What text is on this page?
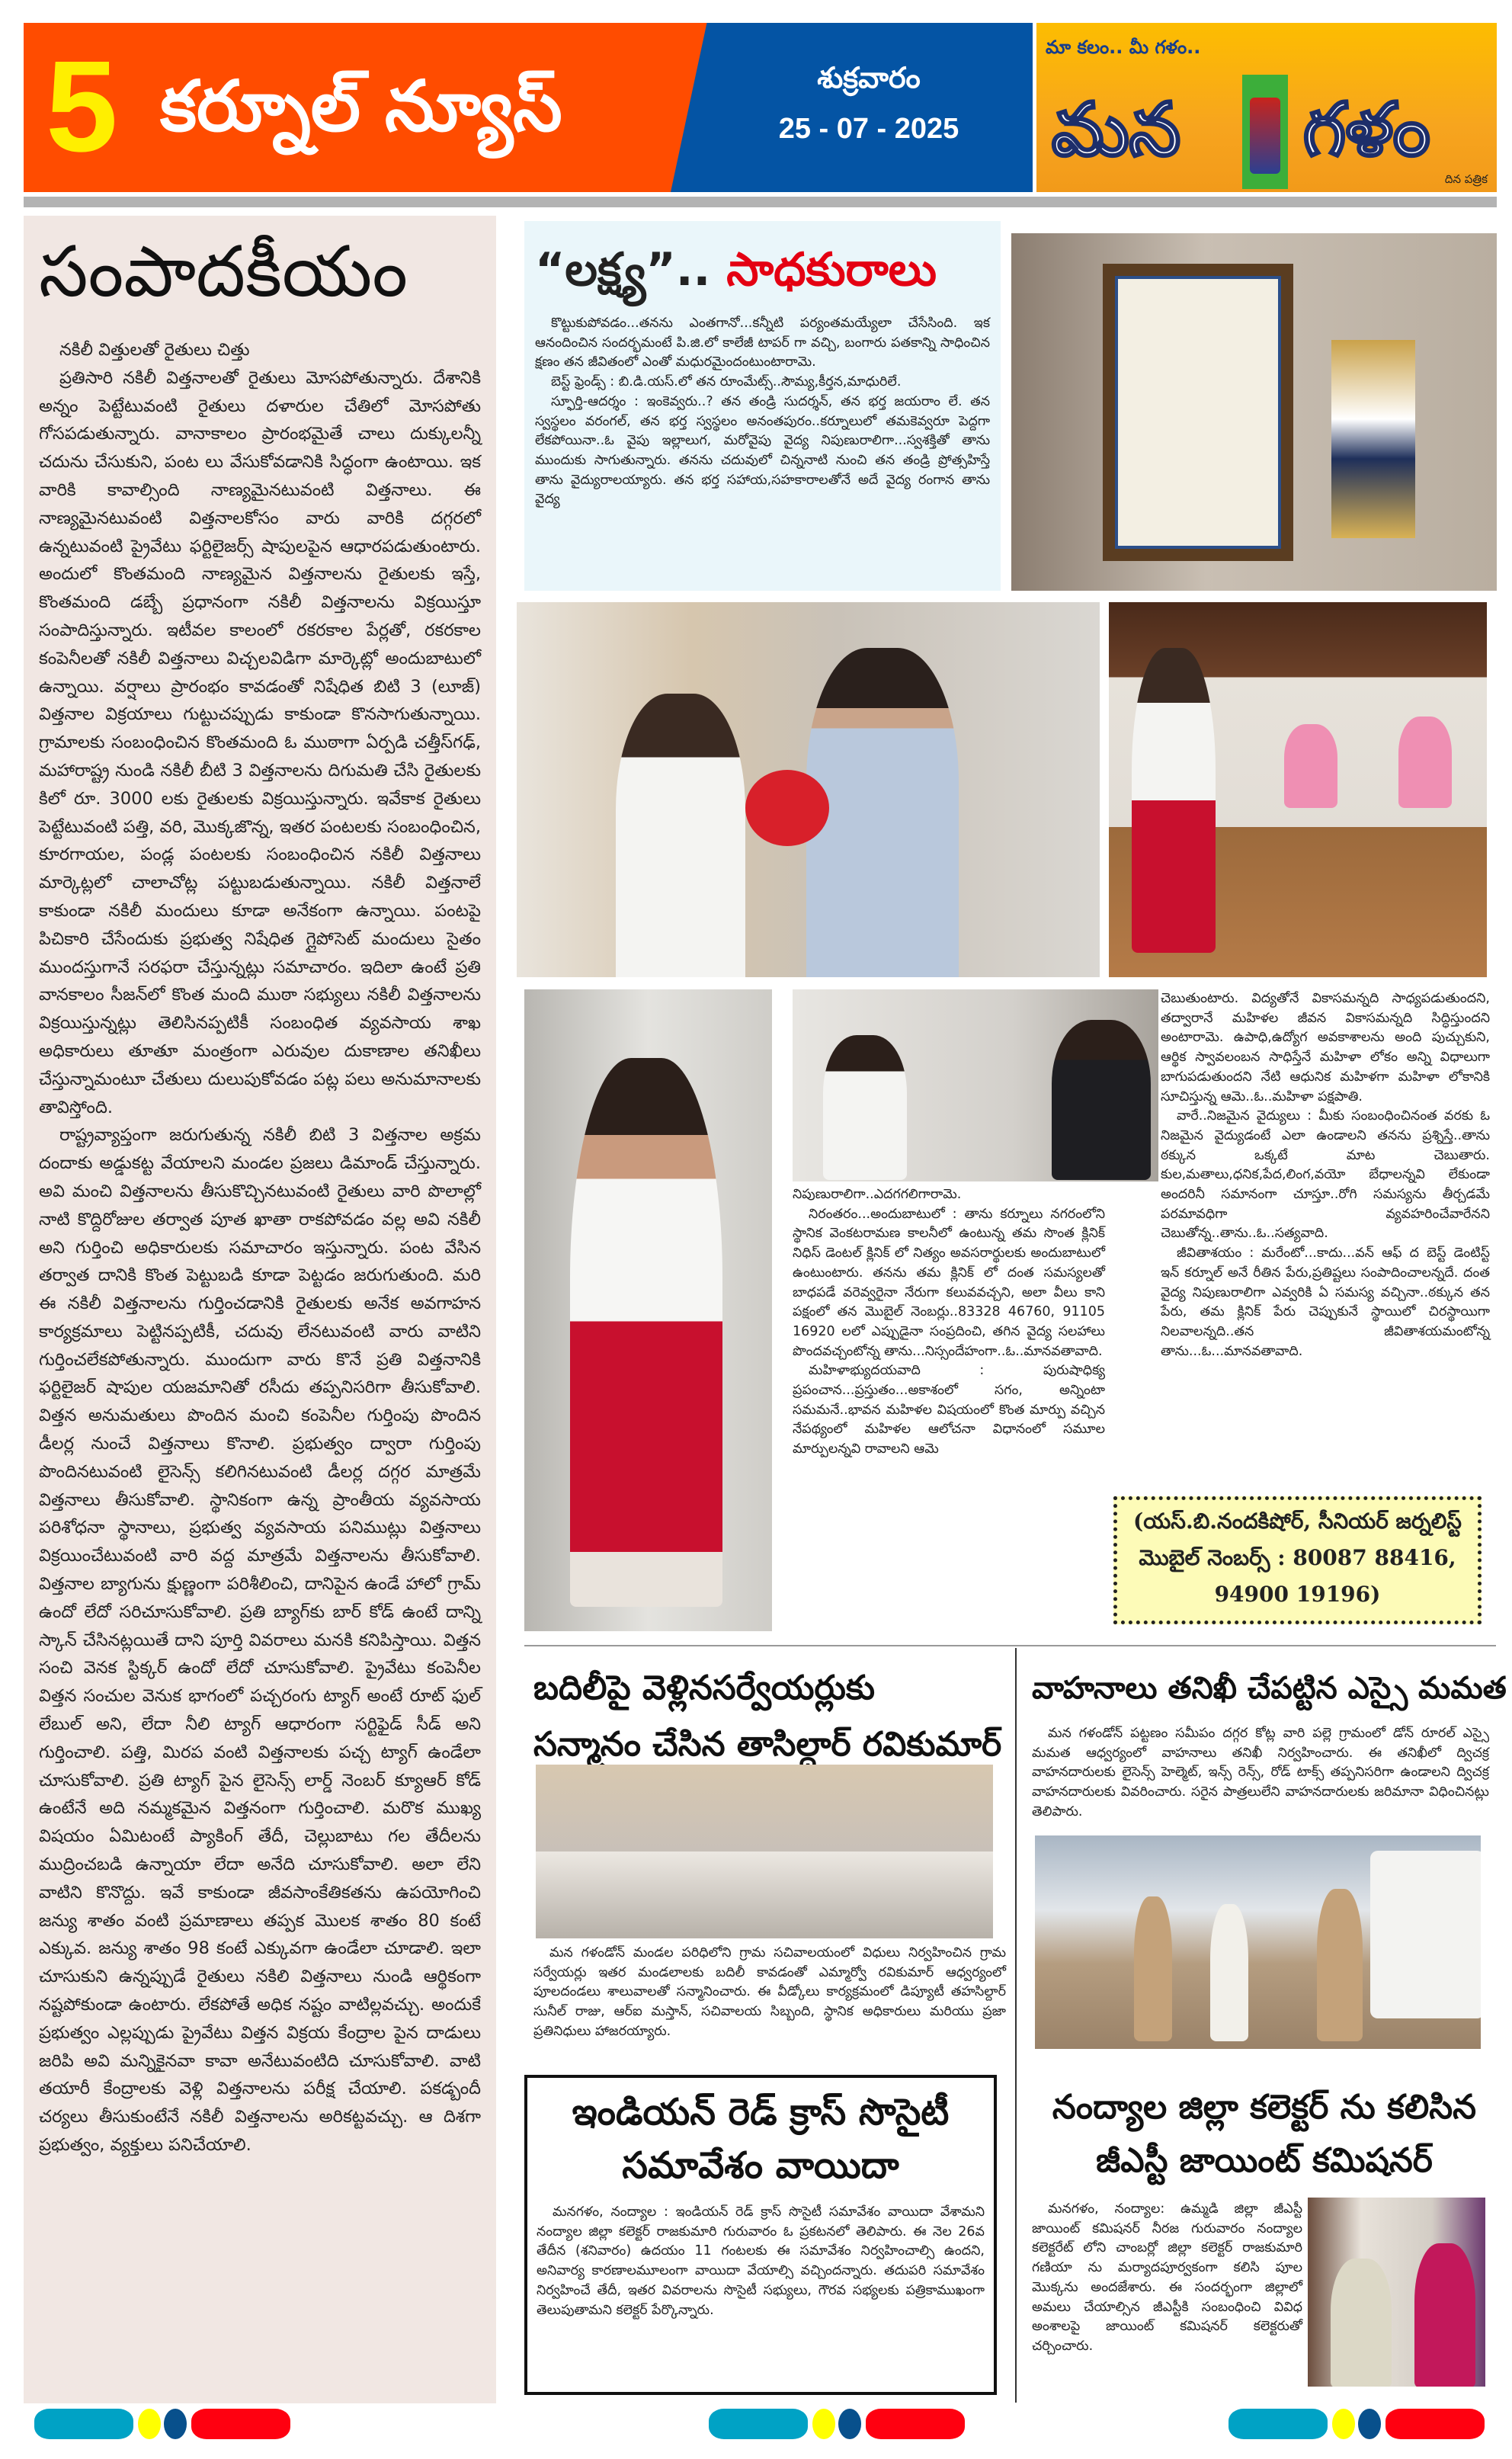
5 కర్నూల్ న్యూస్	శుక్రవారం
25 - 07 - 2025
మా కలం.. మీ గళం..
మన గళం
దిన పత్రిక
సంపాదకీయం

నకిలీ విత్తులతో రైతులు చిత్తు

ప్రతిసారి నకిలీ విత్తనాలతో రైతులు మోసపోతున్నారు. దేశానికి అన్నం పెట్టేటువంటి రైతులు దళారుల చేతిలో మోసపోతు గోసపడుతున్నారు. వానాకాలం ప్రారంభమైతే చాలు దుక్కులన్నీ చదును చేసుకుని, పంట లు వేసుకోవడానికి సిద్ధంగా ఉంటాయి. ఇక వారికి కావాల్సింది నాణ్యమైనటువంటి విత్తనాలు. ఈ నాణ్యమైనటువంటి విత్తనాలకోసం వారు వారికి దగ్గరలో ఉన్నటువంటి ప్రైవేటు ఫర్టిలైజర్స్ షాపులపైన ఆధారపడుతుంటారు. అందులో కొంతమంది నాణ్యమైన విత్తనాలను రైతులకు ఇస్తే, కొంతమంది డబ్బే ప్రధానంగా నకిలీ విత్తనాలను విక్రయిస్తూ సంపాదిస్తున్నారు. ఇటీవల కాలంలో రకరకాల పేర్లతో, రకరకాల కంపెనీలతో నకిలీ విత్తనాలు విచ్చలవిడిగా మార్కెట్లో అందుబాటులో ఉన్నాయి. వర్షాలు ప్రారంభం కావడంతో నిషేధిత బిటి 3 (లూజ్) విత్తనాల విక్రయాలు గుట్టుచప్పుడు కాకుండా కొనసాగుతున్నాయి. గ్రామాలకు సంబంధించిన కొంతమంది ఓ ముఠాగా ఏర్పడి చత్తీస్‌గఢ్, మహారాష్ట్ర నుండి నకిలీ బీటి 3 విత్తనాలను దిగుమతి చేసి రైతులకు కిలో రూ. 3000 లకు రైతులకు విక్రయిస్తున్నారు. ఇవేకాక రైతులు పెట్టేటువంటి పత్తి, వరి, మొక్కజొన్న, ఇతర పంటలకు సంబంధించిన, కూరగాయల, పండ్ల పంటలకు సంబంధించిన నకిలీ విత్తనాలు మార్కెట్లలో చాలాచోట్ల పట్టుబడుతున్నాయి. నకిలీ విత్తనాలే కాకుండా నకిలీ మందులు కూడా అనేకంగా ఉన్నాయి. పంటపై పిచికారి చేసేందుకు ప్రభుత్వ నిషేధిత గ్లైపోసెట్ మందులు సైతం ముందస్తుగానే సరఫరా చేస్తున్నట్లు సమాచారం. ఇదిలా ఉంటే ప్రతి వానకాలం సీజన్‌లో కొంత మంది ముఠా సభ్యులు నకిలీ విత్తనాలను విక్రయిస్తున్నట్లు తెలిసినప్పటికీ సంబంధిత వ్యవసాయ శాఖ అధికారులు తూతూ మంత్రంగా ఎరువుల దుకాణాల తనిఖీలు చేస్తున్నామంటూ చేతులు దులుపుకోవడం పట్ల పలు అనుమానాలకు తావిస్తోంది.

రాష్ట్రవ్యాప్తంగా జరుగుతున్న నకిలీ బిటి 3 విత్తనాల అక్రమ దందాకు అడ్డుకట్ట వేయాలని మండల ప్రజలు డిమాండ్ చేస్తున్నారు. అవి మంచి విత్తనాలను తీసుకొచ్చినటువంటి రైతులు వారి పొలాల్లో నాటి కొద్దిరోజుల తర్వాత పూత ఖాతా రాకపోవడం వల్ల అవి నకిలీ అని గుర్తించి అధికారులకు సమాచారం ఇస్తున్నారు. పంట వేసిన తర్వాత దానికి కొంత పెట్టుబడి కూడా పెట్టడం జరుగుతుంది. మరి ఈ నకిలీ విత్తనాలను గుర్తించడానికి రైతులకు అనేక అవగాహన కార్యక్రమాలు పెట్టినప్పటికీ, చదువు లేనటువంటి వారు వాటిని గుర్తించలేకపోతున్నారు. ముందుగా వారు కొనే ప్రతి విత్తనానికి ఫర్టిలైజర్ షాపుల యజమానితో రసీదు తప్పనిసరిగా తీసుకోవాలి. విత్తన అనుమతులు పొందిన మంచి కంపెనీల గుర్తింపు పొందిన డీలర్ల నుంచే విత్తనాలు కొనాలి. ప్రభుత్వం ద్వారా గుర్తింపు పొందినటువంటి లైసెన్స్ కలిగినటువంటి డీలర్ల దగ్గర మాత్రమే విత్తనాలు తీసుకోవాలి. స్థానికంగా ఉన్న ప్రాంతీయ వ్యవసాయ పరిశోధనా స్థానాలు, ప్రభుత్వ వ్యవసాయ పనిముట్లు విత్తనాలు విక్రయించేటువంటి వారి వద్ద మాత్రమే విత్తనాలను తీసుకోవాలి. విత్తనాల బ్యాగును క్షుణ్ణంగా పరిశీలించి, దానిపైన ఉండే హాలో గ్రామ్ ఉందో లేదో సరిచూసుకోవాలి. ప్రతి బ్యాగ్‌కు బార్ కోడ్ ఉంటే దాన్ని స్కాన్ చేసినట్లయితే దాని పూర్తి వివరాలు మనకి కనిపిస్తాయి. విత్తన సంచి వెనక స్టిక్కర్ ఉందో లేదో చూసుకోవాలి. ప్రైవేటు కంపెనీల విత్తన సంచుల వెనుక భాగంలో పచ్చరంగు ట్యాగ్ అంటే రూట్ ఫుల్ లేబుల్ అని, లేదా నీలి ట్యాగ్ ఆధారంగా సర్టిఫైడ్ సీడ్ అని గుర్తించాలి. పత్తి, మిరప వంటి విత్తనాలకు పచ్చ ట్యాగ్ ఉండేలా చూసుకోవాలి. ప్రతి ట్యాగ్ పైన లైసెన్స్ లార్డ్ నెంబర్ క్యూఆర్ కోడ్ ఉంటేనే అది నమ్మకమైన విత్తనంగా గుర్తించాలి. మరొక ముఖ్య విషయం ఏమిటంటే ప్యాకింగ్ తేదీ, చెల్లుబాటు గల తేదీలను ముద్రించబడి ఉన్నాయా లేదా అనేది చూసుకోవాలి. అలా లేని వాటిని కొనొద్దు. ఇవే కాకుండా జీవసాంకేతికతను ఉపయోగించి జన్యు శాతం వంటి ప్రమాణాలు తప్పక మొలక శాతం 80 కంటే ఎక్కువ. జన్యు శాతం 98 కంటే ఎక్కువగా ఉండేలా చూడాలి. ఇలా చూసుకుని ఉన్నప్పుడే రైతులు నకిలి విత్తనాలు నుండి ఆర్థికంగా నష్టపోకుండా ఉంటారు. లేకపోతే అధిక నష్టం వాటిల్లవచ్చు. అందుకే ప్రభుత్వం ఎల్లప్పుడు ప్రైవేటు విత్తన విక్రయ కేంద్రాల పైన దాడులు జరిపి అవి మన్నికైనవా కావా అనేటువంటిది చూసుకోవాలి. వాటి తయారీ కేంద్రాలకు వెళ్లి విత్తనాలను పరీక్ష చేయాలి. పకడ్బందీ చర్యలు తీసుకుంటేనే నకిలీ విత్తనాలను అరికట్టవచ్చు. ఆ దిశగా ప్రభుత్వం, వ్యక్తులు పనిచేయాలి.

“లక్ష్య”.. సాధకురాలు

కొట్టుకుపోవడం...తనను ఎంతగానో...కన్నీటి పర్యంతమయ్యేలా చేసేసింది. ఇక ఆనందించిన సందర్భమంటే పి.జి.లో కాలేజీ టాపర్ గా వచ్చి, బంగారు పతకాన్ని సాధించిన క్షణం తన జీవితంలో ఎంతో మధురమైందంటుంటారామె.

బెస్ట్ ఫ్రెండ్స్ : బి.డి.యస్.లో తన రూంమేట్స్..సౌమ్య,కీర్తన,మాధురిలే.

స్ఫూర్తి-ఆదర్శం : ఇంకెవ్వరు..? తన తండ్రి సుదర్శన్, తన భర్త జయరాం లే. తన స్వస్థలం వరంగల్, తన భర్త స్వస్థలం అనంతపురం..కర్నూలులో తమకెవ్వరూ పెద్దగా లేకపోయినా..ఓ వైపు ఇల్లాలుగ, మరోవైపు వైద్య నిపుణురాలిగా...స్వశక్తితో తాను ముందుకు సాగుతున్నారు. తనను చదువులో చిన్ననాటి నుంచి తన తండ్రి ప్రోత్సహిస్తే తాను వైద్యురాలయ్యారు. తన భర్త సహాయ,సహకారాలతోనే అదే వైద్య రంగాన తాను వైద్య

నిపుణురాలిగా..ఎదగగలిగారామె.

నిరంతరం...అందుబాటులో : తాను కర్నూలు నగరంలోని స్థానిక వెంకటరామణ కాలనీలో ఉంటున్న తమ సొంత క్లినిక్ నిధిస్ డెంటల్ క్లినిక్ లో నిత్యం అవసరార్థులకు అందుబాటులో ఉంటుంటారు. తనను తమ క్లినిక్ లో దంత సమస్యలతో బాధపడే వరెవ్వరైనా నేరుగా కలువవచ్చని, అలా వీలు కాని పక్షంలో తన మొబైల్ నెంబర్లు..83328 46760, 91105 16920 లలో ఎప్పుడైనా సంప్రదించి, తగిన వైద్య సలహాలు పొందవచ్చంటోన్న తాను...నిస్సందేహంగా..ఓ..మానవతావాది.

మహిళాభ్యుదయవాది : పురుషాధిక్య ప్రపంచాన...ప్రస్తుతం...అకాశంలో సగం, అన్నింటా సమమనే..భావన మహిళల విషయంలో కొంత మార్పు వచ్చిన నేపథ్యంలో మహిళల ఆలోచనా విధానంలో సమూల మార్పులన్నవి రావాలని ఆమె

చెబుతుంటారు. విద్యతోనే వికాసమన్నది సాధ్యపడుతుందని, తద్వారానే మహిళల జీవన వికాసమన్నది సిద్ధిస్తుందని అంటారామె. ఉపాధి,ఉద్యోగ అవకాశాలను అంది పుచ్చుకుని, ఆర్థిక స్వావలంబన సాధిస్తేనే మహిళా లోకం అన్ని విధాలుగా బాగుపడుతుందని నేటి ఆధునిక మహిళగా మహిళా లోకానికి సూచిస్తున్న ఆమె..ఓ..మహిళా పక్షపాతి.

వారే..నిజమైన వైద్యులు : మీకు సంబంధించినంత వరకు ఓ నిజమైన వైద్యుడంటే ఎలా ఉండాలని తనను ప్రశ్నిస్తే..తాను ఠక్కున ఒక్కటే మాట చెబుతారు. కుల,మతాలు,ధనిక,పేద,లింగ,వయో బేధాలన్నవి లేకుండా అందరినీ సమానంగా చూస్తూ..రోగి సమస్యను తీర్చడమే పరమావధిగా వ్యవహరించేవారేనని చెబుతోన్న..తాను..ఓ..సత్యవాది.

జీవితాశయం : మరేంటో...కాదు...వన్ ఆఫ్ ద బెస్ట్ డెంటిస్ట్ ఇన్ కర్నూల్ అనే రీతిన పేరు,ప్రతిష్టలు సంపాదించాలన్నదే. దంత వైద్య నిపుణురాలిగా ఎవ్వరికి ఏ సమస్య వచ్చినా..ఠక్కున తన పేరు, తమ క్లినిక్ పేరు చెప్పుకునే స్థాయిలో చిరస్థాయిగా నిలవాలన్నది..తన జీవితాశయమంటోన్న తాను...ఓ...మానవతావాది.

(యస్.బి.నందకిషోర్, సీనియర్ జర్నలిస్ట్
మొబైల్ నెంబర్స్ : 80087 88416,
94900 19196)
బదిలీపై వెళ్లినసర్వేయర్లుకు
సన్మానం చేసిన తాసిల్దార్ రవికుమార్

మన గళండోన్ మండల పరిధిలోని గ్రామ సచివాలయంలో విధులు నిర్వహించిన గ్రామ సర్వేయర్లు ఇతర మండలాలకు బదిలీ కావడంతో ఎమ్మార్వో రవికుమార్ ఆధ్వర్యంలో పూలదండలు శాలువాలతో సన్మానించారు. ఈ వీడ్కోలు కార్యక్రమంలో డిప్యూటీ తహసిల్దార్ సునీల్ రాజు, ఆర్ఐ మస్తాన్, సచివాలయ సిబ్బంది, స్థానిక అధికారులు మరియు ప్రజా ప్రతినిధులు హాజరయ్యారు.

వాహనాలు తనిఖీ చేపట్టిన ఎస్సై మమత

మన గళండోన్ పట్టణం సమీపం దగ్గర కోట్ల వారి పల్లె గ్రామంలో డోన్ రూరల్ ఎస్సై మమత ఆధ్వర్యంలో వాహనాలు తనిఖీ నిర్వహించారు. ఈ తనిఖీలో ద్విచక్ర వాహనదారులకు లైసెన్స్ హెల్మెట్, ఇన్స్ రెన్స్, రోడ్ టాక్స్ తప్పనిసరిగా ఉండాలని ద్విచక్ర వాహనదారులకు వివరించారు. సరైన పాత్రలులేని వాహనదారులకు జరిమానా విధించినట్లు తెలిపారు.

ఇండియన్ రెడ్ క్రాస్ సొసైటీ
సమావేశం వాయిదా

మనగళం, నంద్యాల : ఇండియన్ రెడ్ క్రాస్ సొసైటీ సమావేశం వాయిదా వేశామని నంద్యాల జిల్లా కలెక్టర్ రాజకుమారి గురువారం ఓ ప్రకటనలో తెలిపారు. ఈ నెల 26వ తేదీన (శనివారం) ఉదయం 11 గంటలకు ఈ సమావేశం నిర్వహించాల్సి ఉందని, అనివార్య కారణాలమూలంగా వాయిదా వేయాల్సి వచ్చిందన్నారు. తదుపరి సమావేశం నిర్వహించే తేదీ, ఇతర వివరాలను సొసైటీ సభ్యులు, గౌరవ సభ్యలకు పత్రికాముఖంగా తెలుపుతామని కలెక్టర్ పేర్కొన్నారు.

నంద్యాల జిల్లా కలెక్టర్ ను కలిసిన
జీఎస్టీ జాయింట్ కమిషనర్

మనగళం, నంద్యాల: ఉమ్మడి జిల్లా జీఎస్టీ జాయింట్ కమిషనర్ నీరజ గురువారం నంద్యాల కలెక్టరేట్ లోని చాంబర్లో జిల్లా కలెక్టర్ రాజకుమారి గణియా ను మర్యాదపూర్వకంగా కలిసి పూల మొక్కను అందజేశారు. ఈ సందర్భంగా జిల్లాలో అమలు చేయాల్సిన జీఎస్టీకి సంబంధించి వివిధ అంశాలపై జాయింట్ కమిషనర్ కలెక్టరుతో చర్చించారు.
